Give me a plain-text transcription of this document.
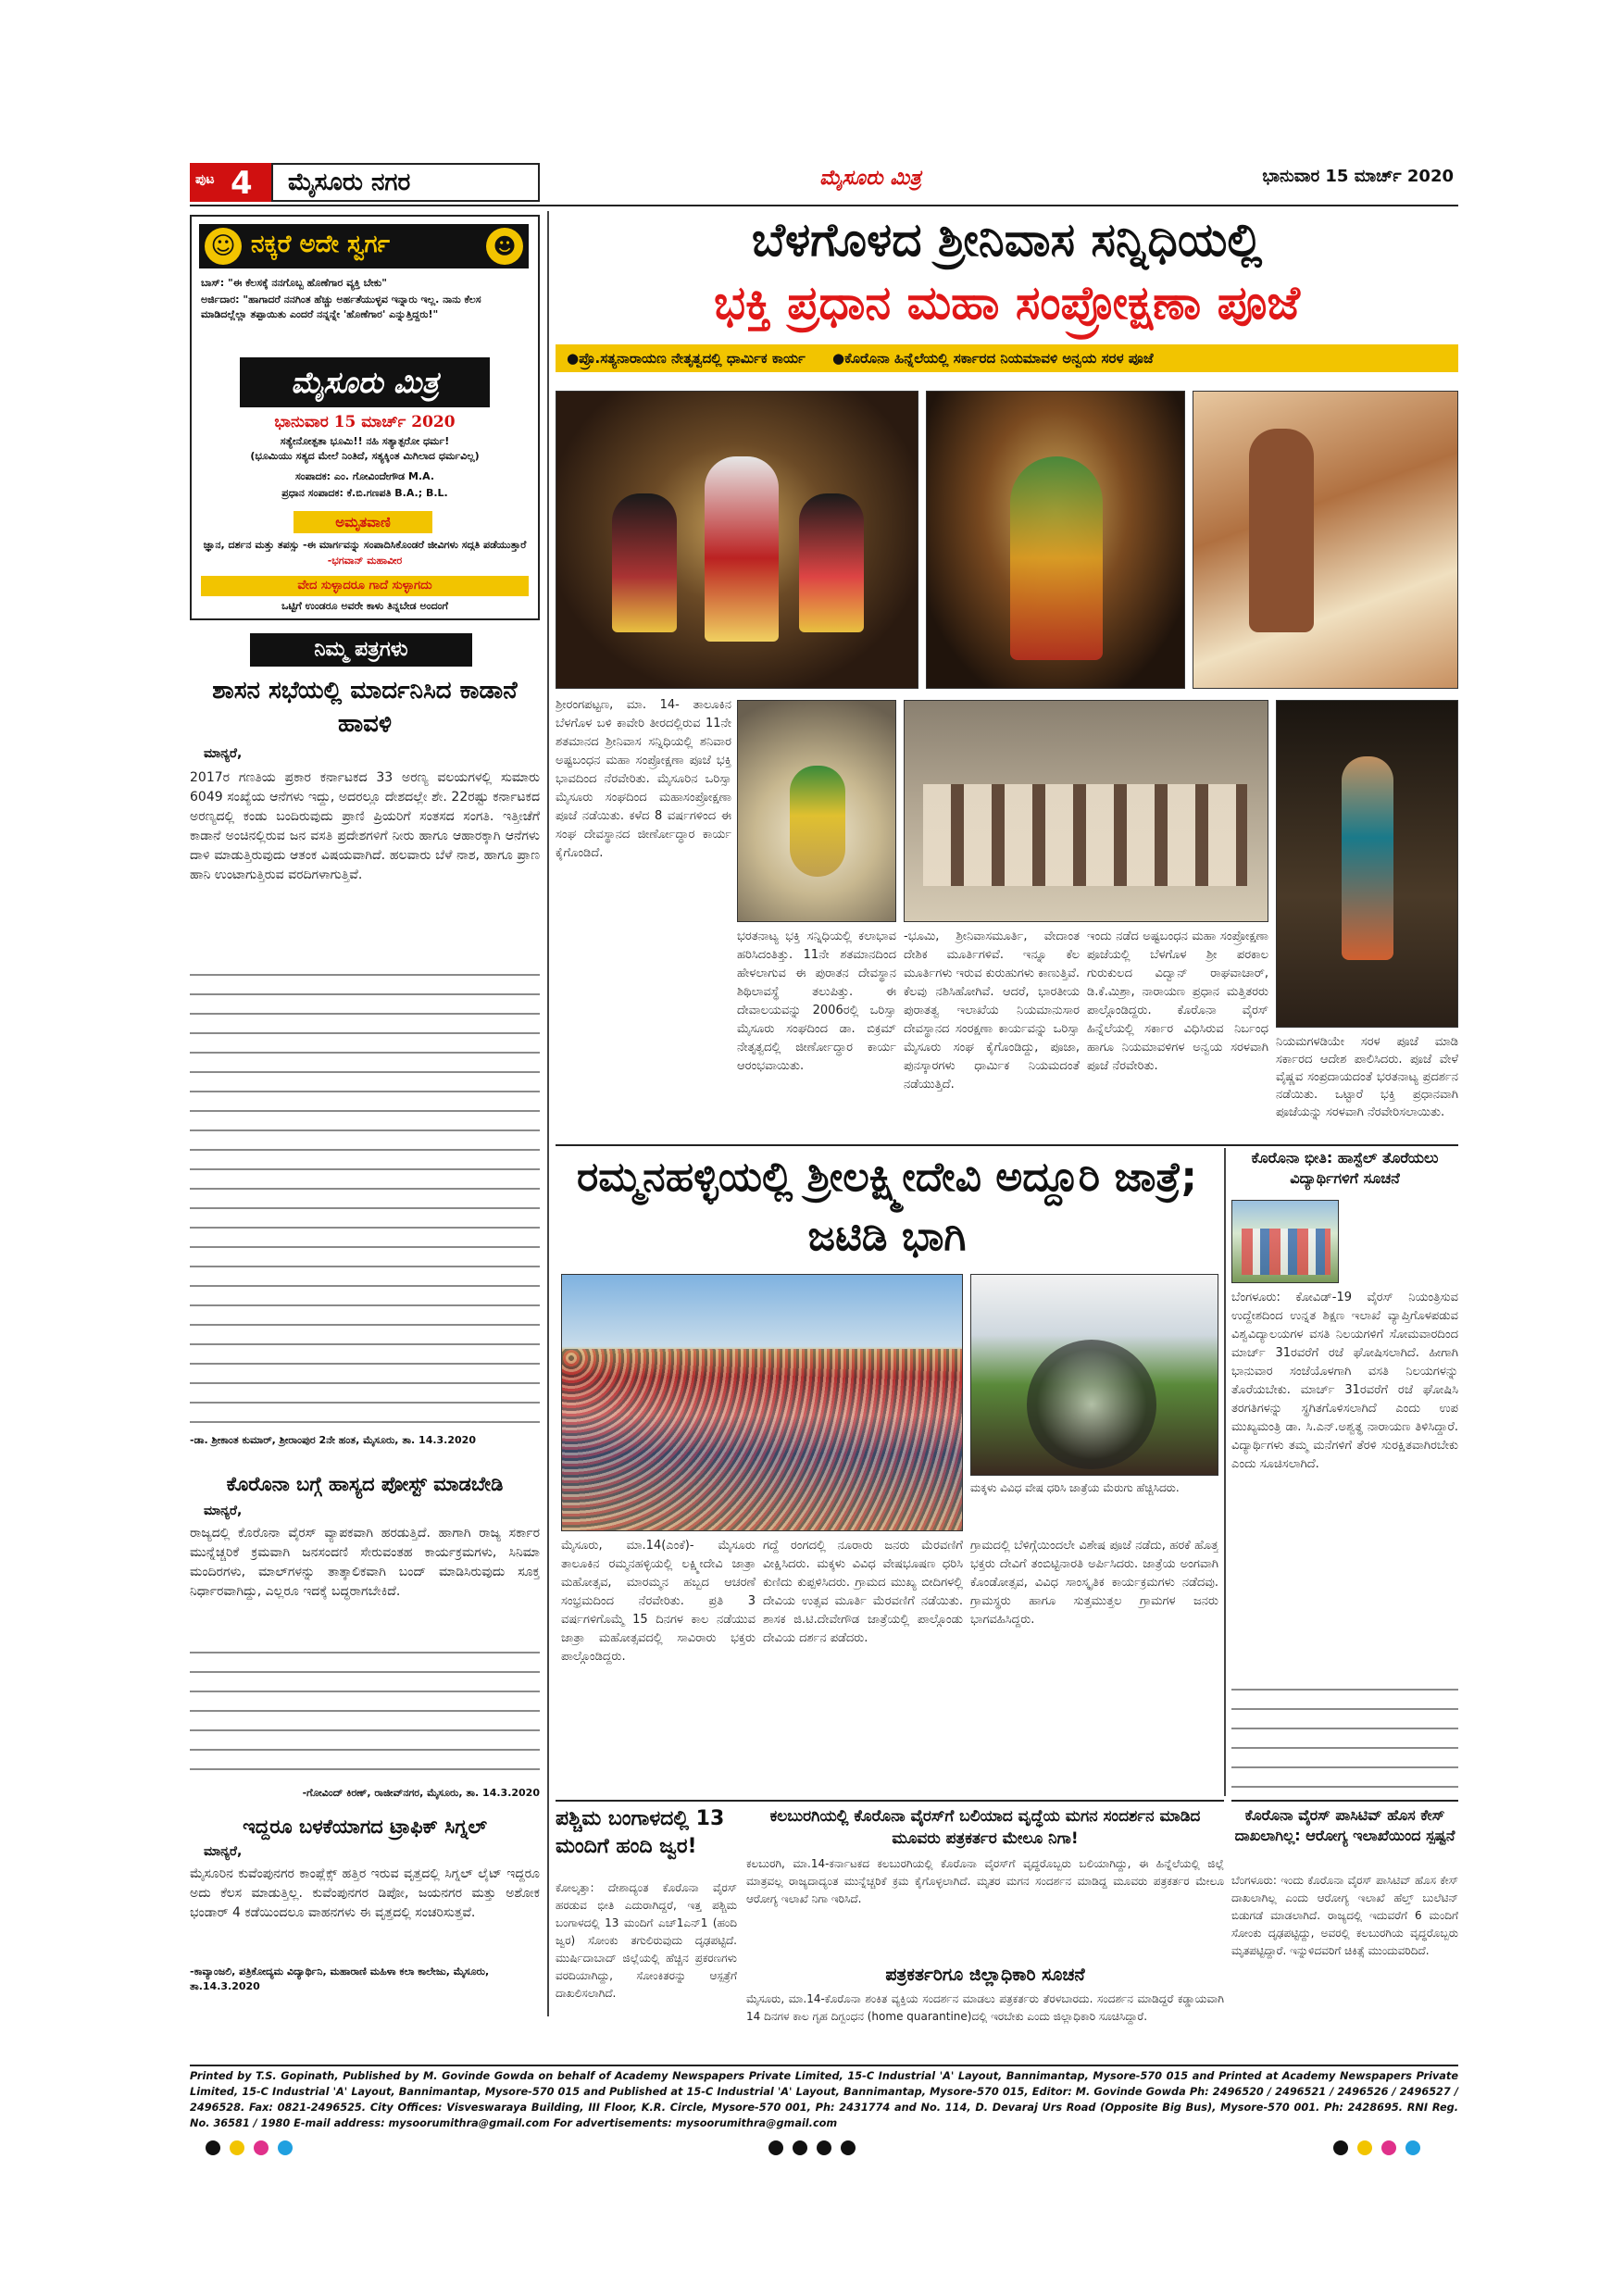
ಪುಟ 4 ಮೈಸೂರು ನಗರ	ಮೈಸೂರು ಮಿತ್ರ	ಭಾನುವಾರ 15 ಮಾರ್ಚ್ 2020
☺ ನಕ್ಕರೆ ಅದೇ ಸ್ವರ್ಗ	☻
ಬಾಸ್: "ಈ ಕೆಲಸಕ್ಕೆ ನನಗೊಬ್ಬ ಹೊಣೆಗಾರ ವ್ಯಕ್ತಿ ಬೇಕು"
ಅರ್ಜಿದಾರ: "ಹಾಗಾದರೆ ನನಗಿಂತ ಹೆಚ್ಚು ಅರ್ಹತೆಯುಳ್ಳವ ಇನ್ನಾರು ಇಲ್ಲ. ನಾನು ಕೆಲಸ ಮಾಡಿದಲ್ಲೆಲ್ಲಾ ತಪ್ಪಾಯಿತು ಎಂದರೆ ನನ್ನನ್ನೇ 'ಹೊಣೆಗಾರ' ಎನ್ನುತ್ತಿದ್ದರು!"
ಮೈಸೂರು ಮಿತ್ರ
ಭಾನುವಾರ 15 ಮಾರ್ಚ್ 2020
ಸತ್ಯೇನೋತ್ಪತಾ ಭೂಮಿ!! ನಹಿ ಸತ್ಯಾತ್ಪರೋ ಧರ್ಮ!
(ಭೂಮಿಯು ಸತ್ಯದ ಮೇಲೆ ನಿಂತಿದೆ, ಸತ್ಯಕ್ಕಿಂತ ಮಿಗಿಲಾದ ಧರ್ಮವಿಲ್ಲ)
ಸಂಪಾದಕ: ಎಂ. ಗೋವಿಂದೇಗೌಡ M.A.
ಪ್ರಧಾನ ಸಂಪಾದಕ: ಕೆ.ಬಿ.ಗಣಪತಿ B.A.; B.L.
ಅಮೃತವಾಣಿ
ಜ್ಞಾನ, ದರ್ಶನ ಮತ್ತು ತಪಸ್ಸು -ಈ ಮಾರ್ಗವನ್ನು ಸಂಪಾದಿಸಿಕೊಂಡರೆ ಜೀವಿಗಳು ಸದ್ಗತಿ ಪಡೆಯುತ್ತಾರೆ -ಭಗವಾನ್ ಮಹಾವೀರ
ವೇದ ಸುಳ್ಳಾದರೂ ಗಾದೆ ಸುಳ್ಳಾಗದು
ಒಟ್ಟಿಗೆ ಉಂಡರೂ ಅವರೇ ಕಾಳು ತಿನ್ನಬೇಡ ಅಂದಂಗೆ
ನಿಮ್ಮ ಪತ್ರಗಳು
ಶಾಸನ ಸಭೆಯಲ್ಲಿ ಮಾರ್ದನಿಸಿದ ಕಾಡಾನೆ ಹಾವಳಿ
ಮಾನ್ಯರೆ,
2017ರ ಗಣತಿಯ ಪ್ರಕಾರ ಕರ್ನಾಟಕದ 33 ಅರಣ್ಯ ವಲಯಗಳಲ್ಲಿ ಸುಮಾರು 6049 ಸಂಖ್ಯೆಯ ಆನೆಗಳು ಇದ್ದು, ಅದರಲ್ಲೂ ದೇಶದಲ್ಲೇ ಶೇ. 22ರಷ್ಟು ಕರ್ನಾಟಕದ ಅರಣ್ಯದಲ್ಲಿ ಕಂಡು ಬಂದಿರುವುದು ಪ್ರಾಣಿ ಪ್ರಿಯರಿಗೆ ಸಂತಸದ ಸಂಗತಿ. ಇತ್ತೀಚೆಗೆ ಕಾಡಾನೆ ಅಂಚಿನಲ್ಲಿರುವ ಜನ ವಸತಿ ಪ್ರದೇಶಗಳಿಗೆ ನೀರು ಹಾಗೂ ಆಹಾರಕ್ಕಾಗಿ ಆನೆಗಳು ದಾಳಿ ಮಾಡುತ್ತಿರುವುದು ಆತಂಕ ವಿಷಯವಾಗಿದೆ. ಹಲವಾರು ಬೆಳೆ ನಾಶ, ಹಾಗೂ ಪ್ರಾಣ ಹಾನಿ ಉಂಟಾಗುತ್ತಿರುವ ವರದಿಗಳಾಗುತ್ತಿವೆ.
-ಡಾ. ಶ್ರೀಕಾಂತ ಕುಮಾರ್, ಶ್ರೀರಾಂಪುರ 2ನೇ ಹಂತ, ಮೈಸೂರು, ತಾ. 14.3.2020
ಕೊರೊನಾ ಬಗ್ಗೆ ಹಾಸ್ಯದ ಪೋಸ್ಟ್ ಮಾಡಬೇಡಿ
ಮಾನ್ಯರೆ,
ರಾಜ್ಯದಲ್ಲಿ ಕೊರೊನಾ ವೈರಸ್ ವ್ಯಾಪಕವಾಗಿ ಹರಡುತ್ತಿದೆ. ಹಾಗಾಗಿ ರಾಜ್ಯ ಸರ್ಕಾರ ಮುನ್ನೆಚ್ಚರಿಕೆ ಕ್ರಮವಾಗಿ ಜನಸಂದಣಿ ಸೇರುವಂತಹ ಕಾರ್ಯಕ್ರಮಗಳು, ಸಿನಿಮಾ ಮಂದಿರಗಳು, ಮಾಲ್‌ಗಳನ್ನು ತಾತ್ಕಾಲಿಕವಾಗಿ ಬಂದ್ ಮಾಡಿಸಿರುವುದು ಸೂಕ್ತ ನಿರ್ಧಾರವಾಗಿದ್ದು, ಎಲ್ಲರೂ ಇದಕ್ಕೆ ಬದ್ಧರಾಗಬೇಕಿದೆ.
-ಗೋವಿಂದ್ ಕಿರಣ್, ರಾಜೀವ್‌ನಗರ, ಮೈಸೂರು, ತಾ. 14.3.2020
ಇದ್ದರೂ ಬಳಕೆಯಾಗದ ಟ್ರಾಫಿಕ್ ಸಿಗ್ನಲ್
ಮಾನ್ಯರೆ,
ಮೈಸೂರಿನ ಕುವೆಂಪುನಗರ ಕಾಂಪ್ಲೆಕ್ಸ್ ಹತ್ತಿರ ಇರುವ ವೃತ್ತದಲ್ಲಿ ಸಿಗ್ನಲ್ ಲೈಟ್ ಇದ್ದರೂ ಅದು ಕೆಲಸ ಮಾಡುತ್ತಿಲ್ಲ. ಕುವೆಂಪುನಗರ ಡಿಪೋ, ಜಯನಗರ ಮತ್ತು ಅಶೋಕ ಭಂಡಾರ್ 4 ಕಡೆಯಿಂದಲೂ ವಾಹನಗಳು ಈ ವೃತ್ತದಲ್ಲಿ ಸಂಚರಿಸುತ್ತವೆ.
-ಕಾವ್ಯಾಂಜಲಿ, ಪತ್ರಿಕೋದ್ಯಮ ವಿದ್ಯಾರ್ಥಿನಿ, ಮಹಾರಾಣಿ ಮಹಿಳಾ ಕಲಾ ಕಾಲೇಜು, ಮೈಸೂರು, ತಾ.14.3.2020
ಬೆಳಗೊಳದ ಶ್ರೀನಿವಾಸ ಸನ್ನಿಧಿಯಲ್ಲಿ
ಭಕ್ತಿ ಪ್ರಧಾನ ಮಹಾ ಸಂಪ್ರೋಕ್ಷಣಾ ಪೂಜೆ
●ಪ್ರೊ.ಸತ್ಯನಾರಾಯಣ ನೇತೃತ್ವದಲ್ಲಿ ಧಾರ್ಮಿಕ ಕಾರ್ಯ ●ಕೊರೊನಾ ಹಿನ್ನೆಲೆಯಲ್ಲಿ ಸರ್ಕಾರದ ನಿಯಮಾವಳಿ ಅನ್ವಯ ಸರಳ ಪೂಜೆ
ಶ್ರೀರಂಗಪಟ್ಟಣ, ಮಾ. 14- ತಾಲೂಕಿನ ಬೆಳಗೊಳ ಬಳಿ ಕಾವೇರಿ ತೀರದಲ್ಲಿರುವ 11ನೇ ಶತಮಾನದ ಶ್ರೀನಿವಾಸ ಸನ್ನಿಧಿಯಲ್ಲಿ ಶನಿವಾರ ಅಷ್ಟಬಂಧನ ಮಹಾ ಸಂಪ್ರೋಕ್ಷಣಾ ಪೂಜೆ ಭಕ್ತಿ ಭಾವದಿಂದ ನೆರವೇರಿತು. ಮೈಸೂರಿನ ಒರಿಸ್ಸಾ ಮೈಸೂರು ಸಂಘದಿಂದ ಮಹಾಸಂಪ್ರೋಕ್ಷಣಾ ಪೂಜೆ ನಡೆಯಿತು. ಕಳೆದ 8 ವರ್ಷಗಳಿಂದ ಈ ಸಂಘ ದೇವಸ್ಥಾನದ ಜೀರ್ಣೋದ್ಧಾರ ಕಾರ್ಯ ಕೈಗೊಂಡಿದೆ.
ಭರತನಾಟ್ಯ ಭಕ್ತಿ ಸನ್ನಿಧಿಯಲ್ಲಿ ಕಲಾಭಾವ ಹರಿಸಿದಂತಿತ್ತು. 11ನೇ ಶತಮಾನದಿಂದ ಹೇಳಲಾಗುವ ಈ ಪುರಾತನ ದೇವಸ್ಥಾನ ಶಿಥಿಲಾವಸ್ಥೆ ತಲುಪಿತ್ತು. ಈ ದೇವಾಲಯವನ್ನು 2006ರಲ್ಲಿ ಒರಿಸ್ಸಾ ಮೈಸೂರು ಸಂಘದಿಂದ ಡಾ. ಬಿಕ್ರಮ್ ನೇತೃತ್ವದಲ್ಲಿ ಜೀರ್ಣೋದ್ಧಾರ ಕಾರ್ಯ ಆರಂಭವಾಯಿತು.
-ಭೂಮಿ, ಶ್ರೀನಿವಾಸಮೂರ್ತಿ, ವೇದಾಂತ ದೇಶಿಕ ಮೂರ್ತಿಗಳಿವೆ. ಇನ್ನೂ ಕೆಲ ಮೂರ್ತಿಗಳು ಇರುವ ಕುರುಹುಗಳು ಕಾಣುತ್ತಿವೆ. ಕೆಲವು ನಶಿಸಿಹೋಗಿವೆ. ಆದರೆ, ಭಾರತೀಯ ಪುರಾತತ್ವ ಇಲಾಖೆಯ ನಿಯಮಾನುಸಾರ ದೇವಸ್ಥಾನದ ಸಂರಕ್ಷಣಾ ಕಾರ್ಯವನ್ನು ಒರಿಸ್ಸಾ ಮೈಸೂರು ಸಂಘ ಕೈಗೊಂಡಿದ್ದು, ಪೂಜಾ, ಪುನಸ್ಕಾರಗಳು ಧಾರ್ಮಿಕ ನಿಯಮದಂತೆ ನಡೆಯುತ್ತಿದೆ.
ಇಂದು ನಡೆದ ಅಷ್ಟಬಂಧನ ಮಹಾ ಸಂಪ್ರೋಕ್ಷಣಾ ಪೂಜೆಯಲ್ಲಿ ಬೆಳಗೊಳ ಶ್ರೀ ಪರಕಾಲ ಗುರುಕುಲದ ವಿದ್ವಾನ್ ರಾಘವಾಚಾರ್, ಡಿ.ಕೆ.ಮಿಶ್ರಾ, ನಾರಾಯಣ ಪ್ರಧಾನ ಮತ್ತಿತರರು ಪಾಲ್ಗೊಂಡಿದ್ದರು. ಕೊರೊನಾ ವೈರಸ್ ಹಿನ್ನೆಲೆಯಲ್ಲಿ ಸರ್ಕಾರ ವಿಧಿಸಿರುವ ನಿರ್ಬಂಧ ಹಾಗೂ ನಿಯಮಾವಳಿಗಳ ಅನ್ವಯ ಸರಳವಾಗಿ ಪೂಜೆ ನೆರವೇರಿತು.
ನಿಯಮಗಳಡಿಯೇ ಸರಳ ಪೂಜೆ ಮಾಡಿ ಸರ್ಕಾರದ ಆದೇಶ ಪಾಲಿಸಿದರು. ಪೂಜೆ ವೇಳೆ ವೈಷ್ಣವ ಸಂಪ್ರದಾಯದಂತೆ ಭರತನಾಟ್ಯ ಪ್ರದರ್ಶನ ನಡೆಯಿತು. ಒಟ್ಟಾರೆ ಭಕ್ತಿ ಪ್ರಧಾನವಾಗಿ ಪೂಜೆಯನ್ನು ಸರಳವಾಗಿ ನೆರವೇರಿಸಲಾಯಿತು.
ರಮ್ಮನಹಳ್ಳಿಯಲ್ಲಿ ಶ್ರೀಲಕ್ಷ್ಮೀದೇವಿ ಅದ್ದೂರಿ ಜಾತ್ರೆ; ಜಟಿಡಿ ಭಾಗಿ
ಮಕ್ಕಳು ವಿವಿಧ ವೇಷ ಧರಿಸಿ ಜಾತ್ರೆಯ ಮೆರುಗು ಹೆಚ್ಚಿಸಿದರು.
ಮೈಸೂರು, ಮಾ.14(ಎಂಕೆ)- ಮೈಸೂರು ತಾಲೂಕಿನ ರಮ್ಮನಹಳ್ಳಿಯಲ್ಲಿ ಲಕ್ಷ್ಮೀದೇವಿ ಜಾತ್ರಾ ಮಹೋತ್ಸವ, ಮಾರಮ್ಮನ ಹಬ್ಬದ ಆಚರಣೆ ಸಂಭ್ರಮದಿಂದ ನೆರವೇರಿತು. ಪ್ರತಿ 3 ವರ್ಷಗಳಿಗೊಮ್ಮೆ 15 ದಿನಗಳ ಕಾಲ ನಡೆಯುವ ಜಾತ್ರಾ ಮಹೋತ್ಸವದಲ್ಲಿ ಸಾವಿರಾರು ಭಕ್ತರು ಪಾಲ್ಗೊಂಡಿದ್ದರು.
ಗದ್ದೆ ರಂಗದಲ್ಲಿ ನೂರಾರು ಜನರು ಮೆರವಣಿಗೆ ವೀಕ್ಷಿಸಿದರು. ಮಕ್ಕಳು ವಿವಿಧ ವೇಷಭೂಷಣ ಧರಿಸಿ ಕುಣಿದು ಕುಪ್ಪಳಿಸಿದರು. ಗ್ರಾಮದ ಮುಖ್ಯ ಬೀದಿಗಳಲ್ಲಿ ದೇವಿಯ ಉತ್ಸವ ಮೂರ್ತಿ ಮೆರವಣಿಗೆ ನಡೆಯಿತು. ಶಾಸಕ ಜಿ.ಟಿ.ದೇವೇಗೌಡ ಜಾತ್ರೆಯಲ್ಲಿ ಪಾಲ್ಗೊಂಡು ದೇವಿಯ ದರ್ಶನ ಪಡೆದರು.
ಗ್ರಾಮದಲ್ಲಿ ಬೆಳಿಗ್ಗೆಯಿಂದಲೇ ವಿಶೇಷ ಪೂಜೆ ನಡೆದು, ಹರಕೆ ಹೊತ್ತ ಭಕ್ತರು ದೇವಿಗೆ ತಂಬಿಟ್ಟಿನಾರತಿ ಅರ್ಪಿಸಿದರು. ಜಾತ್ರೆಯ ಅಂಗವಾಗಿ ಕೊಂಡೋತ್ಸವ, ವಿವಿಧ ಸಾಂಸ್ಕೃತಿಕ ಕಾರ್ಯಕ್ರಮಗಳು ನಡೆದವು. ಗ್ರಾಮಸ್ಥರು ಹಾಗೂ ಸುತ್ತಮುತ್ತಲ ಗ್ರಾಮಗಳ ಜನರು ಭಾಗವಹಿಸಿದ್ದರು.
ಕೊರೊನಾ ಭೀತಿ: ಹಾಸ್ಟೆಲ್ ತೊರೆಯಲು ವಿದ್ಯಾರ್ಥಿಗಳಿಗೆ ಸೂಚನೆ
ಬೆಂಗಳೂರು: ಕೋವಿಡ್-19 ವೈರಸ್ ನಿಯಂತ್ರಿಸುವ ಉದ್ದೇಶದಿಂದ ಉನ್ನತ ಶಿಕ್ಷಣ ಇಲಾಖೆ ವ್ಯಾಪ್ತಿಗೊಳಪಡುವ ವಿಶ್ವವಿದ್ಯಾಲಯಗಳ ವಸತಿ ನಿಲಯಗಳಿಗೆ ಸೋಮವಾರದಿಂದ ಮಾರ್ಚ್ 31ರವರೆಗೆ ರಜೆ ಘೋಷಿಸಲಾಗಿದೆ. ಹೀಗಾಗಿ ಭಾನುವಾರ ಸಂಜೆಯೊಳಗಾಗಿ ವಸತಿ ನಿಲಯಗಳನ್ನು ತೊರೆಯಬೇಕು. ಮಾರ್ಚ್ 31ರವರೆಗೆ ರಜೆ ಘೋಷಿಸಿ ತರಗತಿಗಳನ್ನು ಸ್ಥಗಿತಗೊಳಿಸಲಾಗಿದೆ ಎಂದು ಉಪ ಮುಖ್ಯಮಂತ್ರಿ ಡಾ. ಸಿ.ಎನ್.ಅಶ್ವತ್ಥ ನಾರಾಯಣ ತಿಳಿಸಿದ್ದಾರೆ. ವಿದ್ಯಾರ್ಥಿಗಳು ತಮ್ಮ ಮನೆಗಳಿಗೆ ತೆರಳಿ ಸುರಕ್ಷಿತವಾಗಿರಬೇಕು ಎಂದು ಸೂಚಿಸಲಾಗಿದೆ.
ಕೊರೊನಾ ವೈರಸ್ ಪಾಸಿಟಿವ್ ಹೊಸ ಕೇಸ್ ದಾಖಲಾಗಿಲ್ಲ: ಆರೋಗ್ಯ ಇಲಾಖೆಯಿಂದ ಸ್ಪಷ್ಟನೆ
ಬೆಂಗಳೂರು: ಇಂದು ಕೊರೊನಾ ವೈರಸ್ ಪಾಸಿಟಿವ್ ಹೊಸ ಕೇಸ್ ದಾಖಲಾಗಿಲ್ಲ ಎಂದು ಆರೋಗ್ಯ ಇಲಾಖೆ ಹೆಲ್ತ್ ಬುಲೆಟಿನ್ ಬಿಡುಗಡೆ ಮಾಡಲಾಗಿದೆ. ರಾಜ್ಯದಲ್ಲಿ ಇದುವರೆಗೆ 6 ಮಂದಿಗೆ ಸೋಂಕು ದೃಢಪಟ್ಟಿದ್ದು, ಅವರಲ್ಲಿ ಕಲಬುರಗಿಯ ವೃದ್ಧರೊಬ್ಬರು ಮೃತಪಟ್ಟಿದ್ದಾರೆ. ಇನ್ನುಳಿದವರಿಗೆ ಚಿಕಿತ್ಸೆ ಮುಂದುವರಿದಿದೆ.
ಪಶ್ಚಿಮ ಬಂಗಾಳದಲ್ಲಿ 13 ಮಂದಿಗೆ ಹಂದಿ ಜ್ವರ!
ಕೋಲ್ಕತ್ತಾ: ದೇಶಾದ್ಯಂತ ಕೊರೊನಾ ವೈರಸ್ ಹರಡುವ ಭೀತಿ ಎದುರಾಗಿದ್ದರೆ, ಇತ್ತ ಪಶ್ಚಿಮ ಬಂಗಾಳದಲ್ಲಿ 13 ಮಂದಿಗೆ ಎಚ್1ಎನ್1 (ಹಂದಿ ಜ್ವರ) ಸೋಂಕು ತಗುಲಿರುವುದು ದೃಢಪಟ್ಟಿದೆ. ಮುರ್ಷಿದಾಬಾದ್ ಜಿಲ್ಲೆಯಲ್ಲಿ ಹೆಚ್ಚಿನ ಪ್ರಕರಣಗಳು ವರದಿಯಾಗಿದ್ದು, ಸೋಂಕಿತರನ್ನು ಆಸ್ಪತ್ರೆಗೆ ದಾಖಲಿಸಲಾಗಿದೆ.
ಕಲಬುರಗಿಯಲ್ಲಿ ಕೊರೊನಾ ವೈರಸ್‌ಗೆ ಬಲಿಯಾದ ವೃದ್ಧೆಯ ಮಗನ ಸಂದರ್ಶನ ಮಾಡಿದ ಮೂವರು ಪತ್ರಕರ್ತರ ಮೇಲೂ ನಿಗಾ!
ಕಲಬುರಗಿ, ಮಾ.14-ಕರ್ನಾಟಕದ ಕಲಬುರಗಿಯಲ್ಲಿ ಕೊರೊನಾ ವೈರಸ್‌ಗೆ ವೃದ್ಧರೊಬ್ಬರು ಬಲಿಯಾಗಿದ್ದು, ಈ ಹಿನ್ನೆಲೆಯಲ್ಲಿ ಜಿಲ್ಲೆ ಮಾತ್ರವಲ್ಲ ರಾಜ್ಯದಾದ್ಯಂತ ಮುನ್ನೆಚ್ಚರಿಕೆ ಕ್ರಮ ಕೈಗೊಳ್ಳಲಾಗಿದೆ. ಮೃತರ ಮಗನ ಸಂದರ್ಶನ ಮಾಡಿದ್ದ ಮೂವರು ಪತ್ರಕರ್ತರ ಮೇಲೂ ಆರೋಗ್ಯ ಇಲಾಖೆ ನಿಗಾ ಇರಿಸಿದೆ.
ಪತ್ರಕರ್ತರಿಗೂ ಜಿಲ್ಲಾಧಿಕಾರಿ ಸೂಚನೆ
ಮೈಸೂರು, ಮಾ.14-ಕೊರೊನಾ ಶಂಕಿತ ವ್ಯಕ್ತಿಯ ಸಂದರ್ಶನ ಮಾಡಲು ಪತ್ರಕರ್ತರು ತೆರಳಬಾರದು. ಸಂದರ್ಶನ ಮಾಡಿದ್ದರೆ ಕಡ್ಡಾಯವಾಗಿ 14 ದಿನಗಳ ಕಾಲ ಗೃಹ ದಿಗ್ಬಂಧನ (home quarantine)ದಲ್ಲಿ ಇರಬೇಕು ಎಂದು ಜಿಲ್ಲಾಧಿಕಾರಿ ಸೂಚಿಸಿದ್ದಾರೆ.
Printed by T.S. Gopinath, Published by M. Govinde Gowda on behalf of Academy Newspapers Private Limited, 15-C Industrial 'A' Layout, Bannimantap, Mysore-570 015 and Printed at Academy Newspapers Private Limited, 15-C Industrial 'A' Layout, Bannimantap, Mysore-570 015 and Published at 15-C Industrial 'A' Layout, Bannimantap, Mysore-570 015, Editor: M. Govinde Gowda Ph: 2496520 / 2496521 / 2496526 / 2496527 / 2496528. Fax: 0821-2496525. City Offices: Visveswaraya Building, III Floor, K.R. Circle, Mysore-570 001, Ph: 2431774 and No. 114, D. Devaraj Urs Road (Opposite Big Bus), Mysore-570 001. Ph: 2428695. RNI Reg. No. 36581 / 1980 E-mail address: mysoorumithra@gmail.com For advertisements: mysoorumithra@gmail.com
